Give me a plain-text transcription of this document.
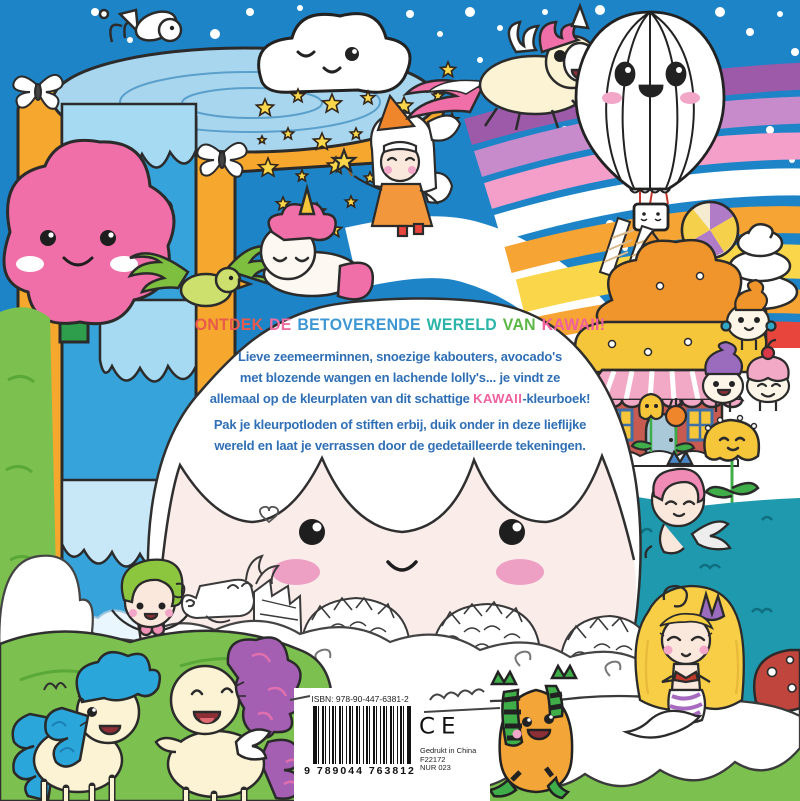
ONTDEK DE BETOVERENDE WERELD VAN KAWAII!
Lieve zeemeerminnen, snoezige kabouters, avocado's
met blozende wangen en lachende lolly's... je vindt ze
allemaal op de kleurplaten van dit schattige KAWAII-kleurboek!
Pak je kleurpotloden of stiften erbij, duik onder in deze lieflijke
wereld en laat je verrassen door de gedetailleerde tekeningen.
ISBN: 978-90-447-6381-2
9 789044 763812
CE
Gedrukt in China
F22172
NUR 023
